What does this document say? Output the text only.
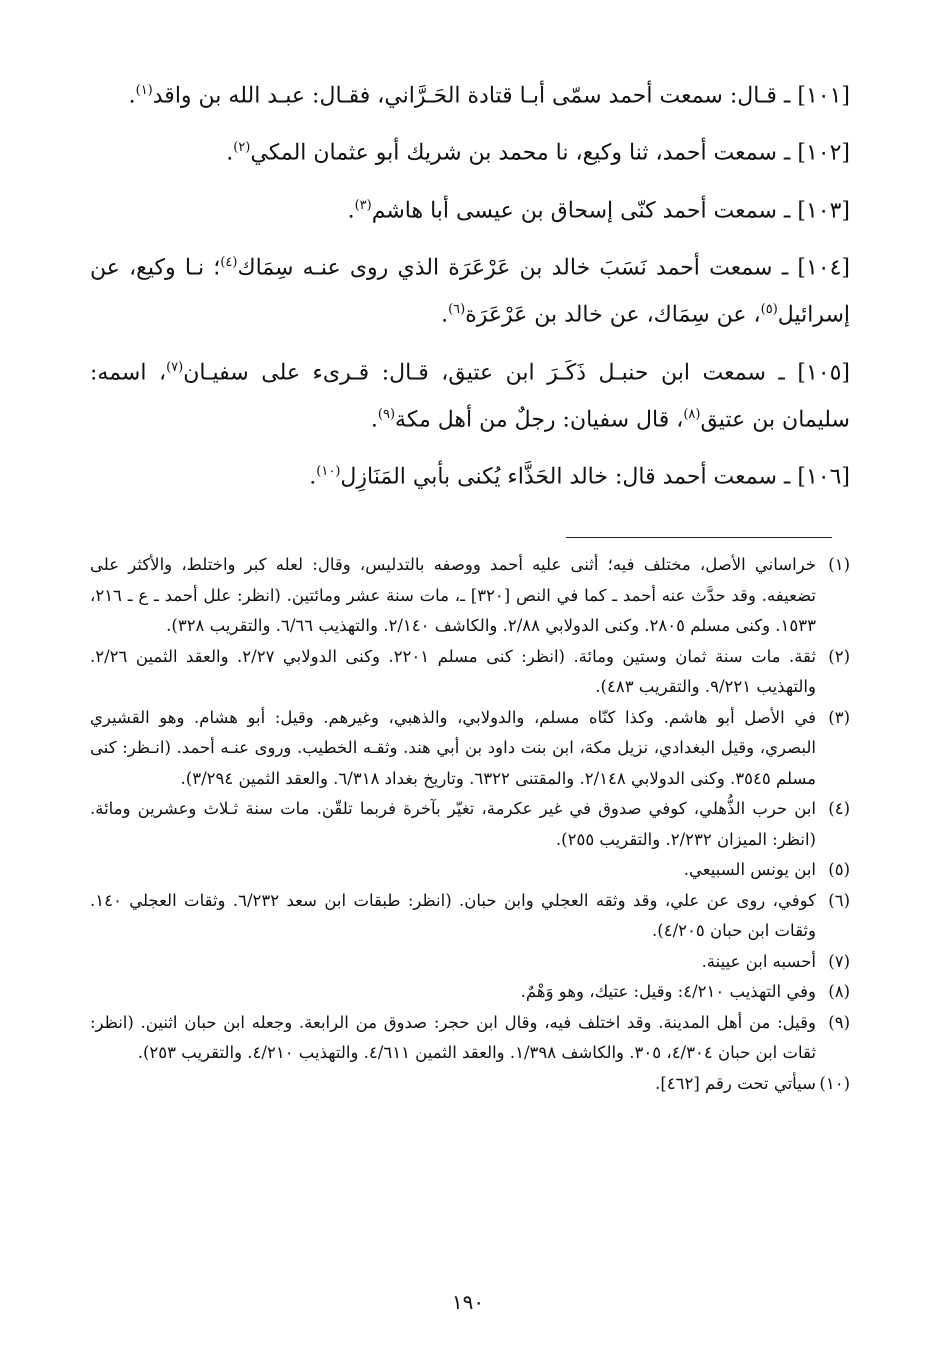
[١٠١] ـ قـال: سمعت أحمد سمّى أبـا قتادة الحَـرَّاني، فقـال: عبـد الله بن واقد$^{(١)}$.

[١٠٢] ـ سمعت أحمد، ثنا وكيع، نا محمد بن شريك أبو عثمان المكي$^{(٢)}$.

[١٠٣] ـ سمعت أحمد كنّى إسحاق بن عيسى أبا هاشم$^{(٣)}$.

[١٠٤] ـ سمعت أحمد نَسَبَ خالد بن عَرْعَرَة الذي روى عنـه سِمَاك$^{(٤)}$؛ نـا وكيع، عن إسرائيل$^{(٥)}$، عن سِمَاك، عن خالد بن عَرْعَرَة$^{(٦)}$.

[١٠٥] ـ سمعت ابن حنبـل ذَكَـرَ ابن عتيق، قـال: قـرىء على سفيـان$^{(٧)}$، اسمه: سليمان بن عتيق$^{(٨)}$، قال سفيان: رجلٌ من أهل مكة$^{(٩)}$.

[١٠٦] ـ سمعت أحمد قال: خالد الحَذَّاء يُكنى بأبي المَنَازِل$^{(١٠)}$.

(١)
خراساني الأصل، مختلف فيه؛ أثنى عليه أحمد ووصفه بالتدليس، وقال: لعله كبر واختلط، والأكثر على تضعيفه. وقد حدَّث عنه أحمد ـ كما في النص [٣٢٠] ـ، مات سنة عشر ومائتين. (انظر: علل أحمد ـ ع ـ ٢١٦، ١٥٣٣. وكنى مسلم ٢٨٠٥. وكنى الدولابي ٢/٨٨. والكاشف ٢/١٤٠. والتهذيب ٦/٦٦. والتقريب ٣٢٨).
(٢)
ثقة. مات سنة ثمان وستين ومائة. (انظر: كنى مسلم ٢٢٠١. وكنى الدولابي ٢/٢٧. والعقد الثمين ٢/٢٦. والتهذيب ٩/٢٢١. والتقريب ٤٨٣).
(٣)
في الأصل أبو هاشم. وكذا كنّاه مسلم، والدولابي، والذهبي، وغيرهم. وقيل: أبو هشام. وهو القشيري البصري، وقيل البغدادي، نزيل مكة، ابن بنت داود بن أبي هند. وثقـه الخطيب. وروى عنـه أحمد. (انـظر: كنى مسلم ٣٥٤٥. وكنى الدولابي ٢/١٤٨. والمقتنى ٦٣٢٢. وتاريخ بغداد ٦/٣١٨. والعقد الثمين ٣/٢٩٤).
(٤)
ابن حرب الذُّهلي، كوفي صدوق في غير عكرمة، تغيّر بآخرة فربما تلقّن. مات سنة ثـلاث وعشرين ومائة. (انظر: الميزان ٢/٢٣٢. والتقريب ٢٥٥).
(٥)
ابن يونس السبيعي.
(٦)
كوفي، روى عن علي، وقد وثقه العجلي وابن حبان. (انظر: طبقات ابن سعد ٦/٢٣٢. وثقات العجلي ١٤٠. وثقات ابن حبان ٤/٢٠٥).
(٧)
أحسبه ابن عيينة.
(٨)
وفي التهذيب ٤/٢١٠: وقيل: عتيك، وهو وَهْمٌ.
(٩)
وقيل: من أهل المدينة. وقد اختلف فيه، وقال ابن حجر: صدوق من الرابعة. وجعله ابن حبان اثنين. (انظر: ثقات ابن حبان ٤/٣٠٤، ٣٠٥. والكاشف ١/٣٩٨. والعقد الثمين ٤/٦١١. والتهذيب ٤/٢١٠. والتقريب ٢٥٣).
(١٠)
سيأتي تحت رقم [٤٦٢].
١٩٠
